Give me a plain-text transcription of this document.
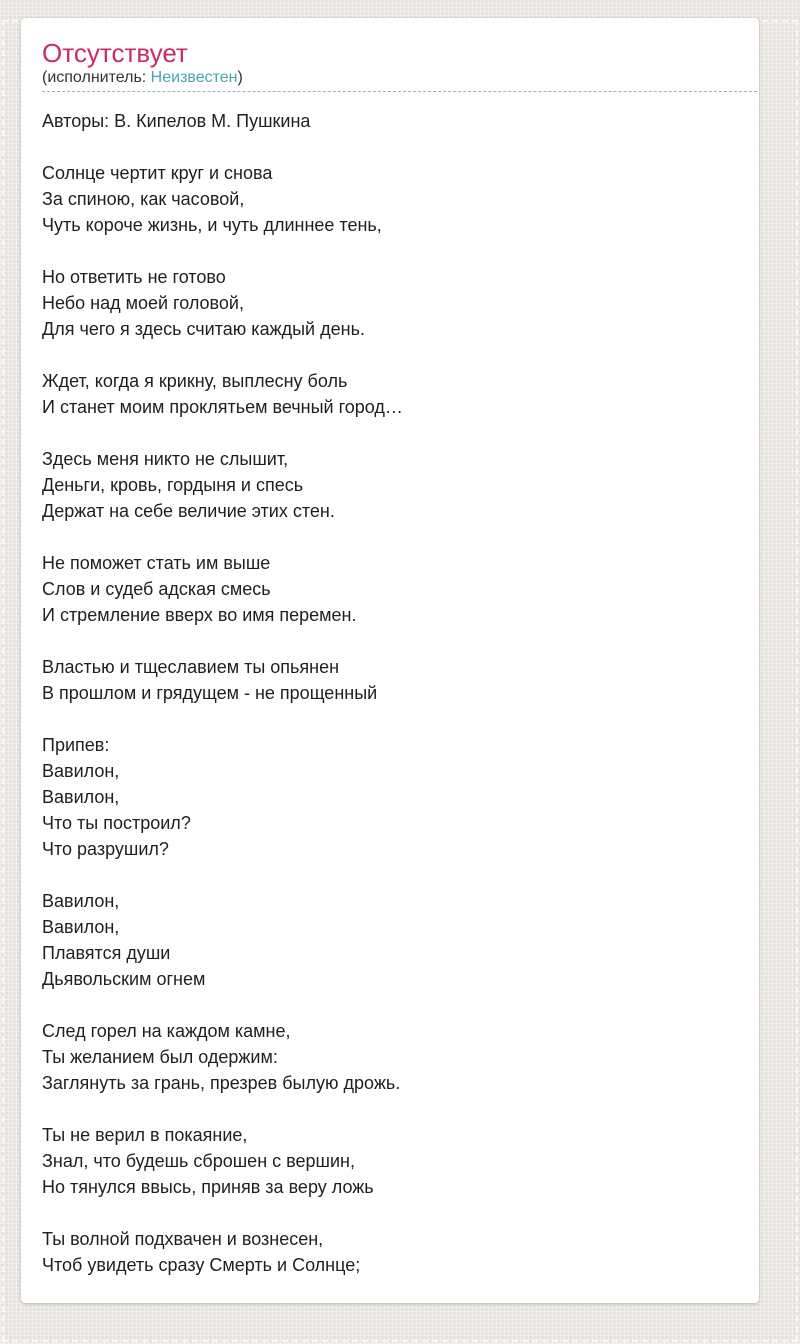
Отсутствует
(исполнитель: Неизвестен)
Авторы: В. Кипелов М. Пушкина
Солнце чертит круг и снова
За спиною, как часовой,
Чуть короче жизнь, и чуть длиннее тень,

Но ответить не готово
Небо над моей головой,
Для чего я здесь считаю каждый день.

Ждет, когда я крикну, выплесну боль
И станет моим проклятьем вечный город…

Здесь меня никто не слышит,
Деньги, кровь, гордыня и спесь
Держат на себе величие этих стен.

Не поможет стать им выше
Слов и судеб адская смесь
И стремление вверх во имя перемен.

Властью и тщеславием ты опьянен
В прошлом и грядущем - не прощенный

Припев:
Вавилон,
Вавилон,
Что ты построил?
Что разрушил?

Вавилон,
Вавилон,
Плавятся души
Дьявольским огнем

След горел на каждом камне,
Ты желанием был одержим:
Заглянуть за грань, презрев былую дрожь.

Ты не верил в покаяние,
Знал, что будешь сброшен с вершин,
Но тянулся ввысь, приняв за веру ложь

Ты волной подхвачен и вознесен,
Чтоб увидеть сразу Смерть и Солнце;
